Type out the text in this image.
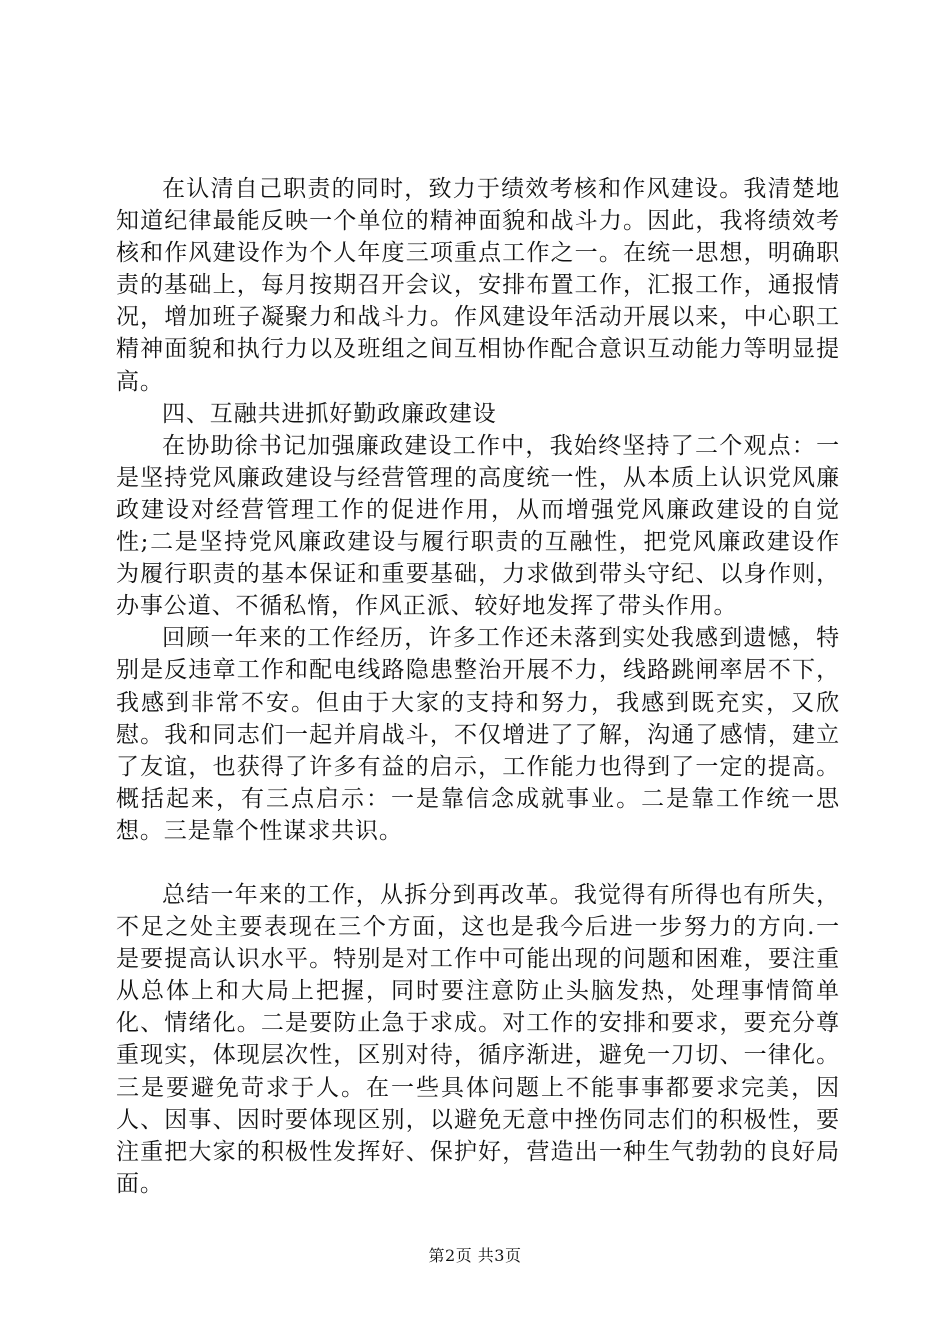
在认清自己职责的同时，致力于绩效考核和作风建设。我清楚地知道纪律最能反映一个单位的精神面貌和战斗力。因此，我将绩效考核和作风建设作为个人年度三项重点工作之一。在统一思想，明确职责的基础上，每月按期召开会议，安排布置工作，汇报工作，通报情况，增加班子凝聚力和战斗力。作风建设年活动开展以来，中心职工精神面貌和执行力以及班组之间互相协作配合意识互动能力等明显提高。

四、互融共进抓好勤政廉政建设

在协助徐书记加强廉政建设工作中，我始终坚持了二个观点：一是坚持党风廉政建设与经营管理的高度统一性，从本质上认识党风廉政建设对经营管理工作的促进作用，从而增强党风廉政建设的自觉性;二是坚持党风廉政建设与履行职责的互融性，把党风廉政建设作为履行职责的基本保证和重要基础，力求做到带头守纪、以身作则，办事公道、不循私惰，作风正派、较好地发挥了带头作用。

回顾一年来的工作经历，许多工作还未落到实处我感到遗憾，特别是反违章工作和配电线路隐患整治开展不力，线路跳闸率居不下，我感到非常不安。但由于大家的支持和努力，我感到既充实，又欣慰。我和同志们一起并肩战斗，不仅增进了了解，沟通了感情，建立了友谊，也获得了许多有益的启示，工作能力也得到了一定的提高。概括起来，有三点启示：一是靠信念成就事业。二是靠工作统一思想。三是靠个性谋求共识。

总结一年来的工作，从拆分到再改革。我觉得有所得也有所失，不足之处主要表现在三个方面，这也是我今后进一步努力的方向.一是要提高认识水平。特别是对工作中可能出现的问题和困难，要注重从总体上和大局上把握，同时要注意防止头脑发热，处理事情简单化、情绪化。二是要防止急于求成。对工作的安排和要求，要充分尊重现实，体现层次性，区别对待，循序渐进，避免一刀切、一律化。三是要避免苛求于人。在一些具体问题上不能事事都要求完美，因人、因事、因时要体现区别，以避免无意中挫伤同志们的积极性，要注重把大家的积极性发挥好、保护好，营造出一种生气勃勃的良好局面。

第2页 共3页
